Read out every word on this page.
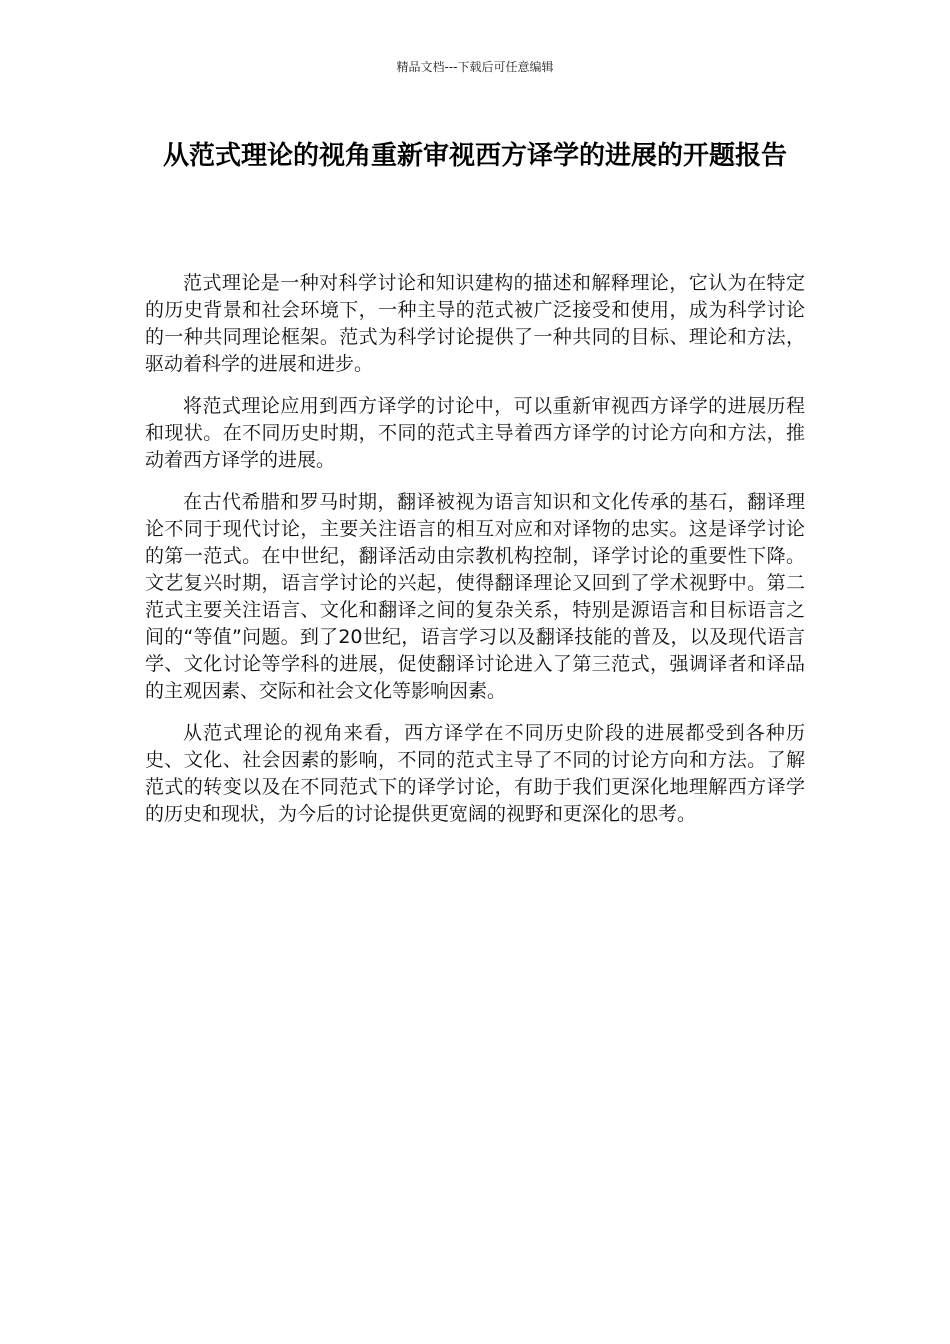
精品文档---下载后可任意编辑
从范式理论的视角重新审视西方译学的进展的开题报告

范式理论是一种对科学讨论和知识建构的描述和解释理论，它认为在特定的历史背景和社会环境下，一种主导的范式被广泛接受和使用，成为科学讨论的一种共同理论框架。范式为科学讨论提供了一种共同的目标、理论和方法，驱动着科学的进展和进步。

将范式理论应用到西方译学的讨论中，可以重新审视西方译学的进展历程和现状。在不同历史时期，不同的范式主导着西方译学的讨论方向和方法，推动着西方译学的进展。

在古代希腊和罗马时期，翻译被视为语言知识和文化传承的基石，翻译理论不同于现代讨论，主要关注语言的相互对应和对译物的忠实。这是译学讨论的第一范式。在中世纪，翻译活动由宗教机构控制，译学讨论的重要性下降。文艺复兴时期，语言学讨论的兴起，使得翻译理论又回到了学术视野中。第二范式主要关注语言、文化和翻译之间的复杂关系，特别是源语言和目标语言之间的“等值”问题。到了20世纪，语言学习以及翻译技能的普及，以及现代语言学、文化讨论等学科的进展，促使翻译讨论进入了第三范式，强调译者和译品的主观因素、交际和社会文化等影响因素。

从范式理论的视角来看，西方译学在不同历史阶段的进展都受到各种历史、文化、社会因素的影响，不同的范式主导了不同的讨论方向和方法。了解范式的转变以及在不同范式下的译学讨论，有助于我们更深化地理解西方译学的历史和现状，为今后的讨论提供更宽阔的视野和更深化的思考。
